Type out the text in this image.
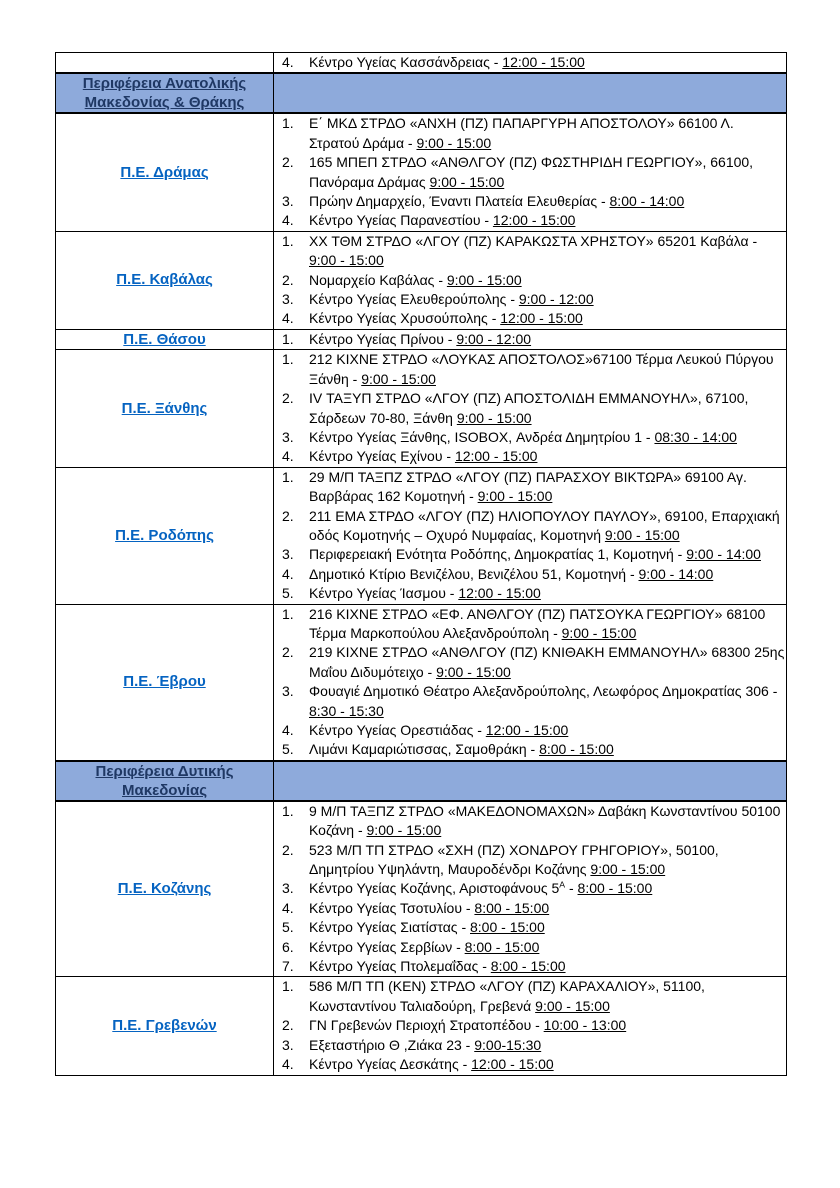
	4. Κέντρο Υγείας Κασσάνδρειας - 12:00 - 15:00

Περιφέρεια Ανατολικής Μακεδονίας & Θράκης	
Π.Ε. Δράμας	
1.	Ε΄ ΜΚΔ ΣΤΡΔΟ «ΑΝΧΗ (ΠΖ) ΠΑΠΑΡΓΥΡΗ ΑΠΟΣΤΟΛΟΥ» 66100 Λ. Στρατού Δράμα - 9:00 - 15:00
2.	165 ΜΠΕΠ ΣΤΡΔΟ «ΑΝΘΛΓΟΥ (ΠΖ) ΦΩΣΤΗΡΙΔΗ ΓΕΩΡΓΙΟΥ», 66100, Πανόραμα Δράμας 9:00 - 15:00
3.	Πρώην Δημαρχείο, Έναντι Πλατεία Ελευθερίας - 8:00 - 14:00
4.	Κέντρο Υγείας Παρανεστίου - 12:00 - 15:00

Π.Ε. Καβάλας	
1.	ΧΧ ΤΘΜ ΣΤΡΔΟ «ΛΓΟΥ (ΠΖ) ΚΑΡΑΚΩΣΤΑ ΧΡΗΣΤΟΥ» 65201 Καβάλα - 9:00 - 15:00
2.	Νομαρχείο Καβάλας - 9:00 - 15:00
3.	Κέντρο Υγείας Ελευθερούπολης - 9:00 - 12:00
4.	Κέντρο Υγείας Χρυσούπολης - 12:00 - 15:00

Π.Ε. Θάσου	1. Κέντρο Υγείας Πρίνου - 9:00 - 12:00

Π.Ε. Ξάνθης	
1.	212 ΚΙΧΝΕ ΣΤΡΔΟ «ΛΟΥΚΑΣ ΑΠΟΣΤΟΛΟΣ»67100 Τέρμα Λευκού Πύργου Ξάνθη - 9:00 - 15:00
2.	IV ΤΑΞΥΠ ΣΤΡΔΟ «ΛΓΟΥ (ΠΖ) ΑΠΟΣΤΟΛΙΔΗ ΕΜΜΑΝΟΥΗΛ», 67100, Σάρδεων 70-80, Ξάνθη 9:00 - 15:00
3.	Κέντρο Υγείας Ξάνθης, ISOBOX, Ανδρέα Δημητρίου 1 - 08:30 - 14:00
4.	Κέντρο Υγείας Εχίνου - 12:00 - 15:00

Π.Ε. Ροδόπης	
1.	29 Μ/Π ΤΑΞΠΖ ΣΤΡΔΟ «ΛΓΟΥ (ΠΖ) ΠΑΡΑΣΧΟΥ ΒΙΚΤΩΡΑ» 69100 Αγ. Βαρβάρας 162 Κομοτηνή - 9:00 - 15:00
2.	211 ΕΜΑ ΣΤΡΔΟ «ΛΓΟΥ (ΠΖ) ΗΛΙΟΠΟΥΛΟΥ ΠΑΥΛΟΥ», 69100, Επαρχιακή οδός Κομοτηνής – Οχυρό Νυμφαίας, Κομοτηνή 9:00 - 15:00
3.	Περιφερειακή Ενότητα Ροδόπης, Δημοκρατίας 1, Κομοτηνή - 9:00 - 14:00
4.	Δημοτικό Κτίριο Βενιζέλου, Βενιζέλου 51, Κομοτηνή - 9:00 - 14:00
5.	Κέντρο Υγείας Ίασμου - 12:00 - 15:00

Π.Ε. Έβρου	
1.	216 ΚΙΧΝΕ ΣΤΡΔΟ «ΕΦ. ΑΝΘΛΓΟΥ (ΠΖ) ΠΑΤΣΟΥΚΑ ΓΕΩΡΓΙΟΥ» 68100 Τέρμα Μαρκοπούλου Αλεξανδρούπολη - 9:00 - 15:00
2.	219 ΚΙΧΝΕ ΣΤΡΔΟ «ΑΝΘΛΓΟΥ (ΠΖ) ΚΝΙΘΑΚΗ ΕΜΜΑΝΟΥΗΛ» 68300 25ης Μαΐου Διδυμότειχο - 9:00 - 15:00
3.	Φουαγιέ Δημοτικό Θέατρο Αλεξανδρούπολης, Λεωφόρος Δημοκρατίας 306 - 8:30 - 15:30
4.	Κέντρο Υγείας Ορεστιάδας - 12:00 - 15:00
5.	Λιμάνι Καμαριώτισσας, Σαμοθράκη - 8:00 - 15:00

Περιφέρεια Δυτικής Μακεδονίας	
Π.Ε. Κοζάνης	
1.	9 Μ/Π ΤΑΞΠΖ ΣΤΡΔΟ «ΜΑΚΕΔΟΝΟΜΑΧΩΝ» Δαβάκη Κωνσταντίνου 50100 Κοζάνη - 9:00 - 15:00
2.	523 Μ/Π ΤΠ ΣΤΡΔΟ «ΣΧΗ (ΠΖ) ΧΟΝΔΡΟΥ ΓΡΗΓΟΡΙΟΥ», 50100, Δημητρίου Υψηλάντη, Μαυροδένδρι Κοζάνης 9:00 - 15:00
3.	Κέντρο Υγείας Κοζάνης, Αριστοφάνους $5^A$ - 8:00 - 15:00
4.	Κέντρο Υγείας Τσοτυλίου - 8:00 - 15:00
5.	Κέντρο Υγείας Σιατίστας - 8:00 - 15:00
6.	Κέντρο Υγείας Σερβίων - 8:00 - 15:00
7.	Κέντρο Υγείας Πτολεμαΐδας - 8:00 - 15:00

Π.Ε. Γρεβενών	
1.	586 Μ/Π ΤΠ (ΚΕΝ) ΣΤΡΔΟ «ΛΓΟΥ (ΠΖ) ΚΑΡΑΧΑΛΙΟΥ», 51100, Κωνσταντίνου Ταλιαδούρη, Γρεβενά 9:00 - 15:00
2.	ΓΝ Γρεβενών Περιοχή Στρατοπέδου - 10:00 - 13:00
3.	Εξεταστήριο Θ ,Ζιάκα 23 - 9:00-15:30
4.	Κέντρο Υγείας Δεσκάτης - 12:00 - 15:00
